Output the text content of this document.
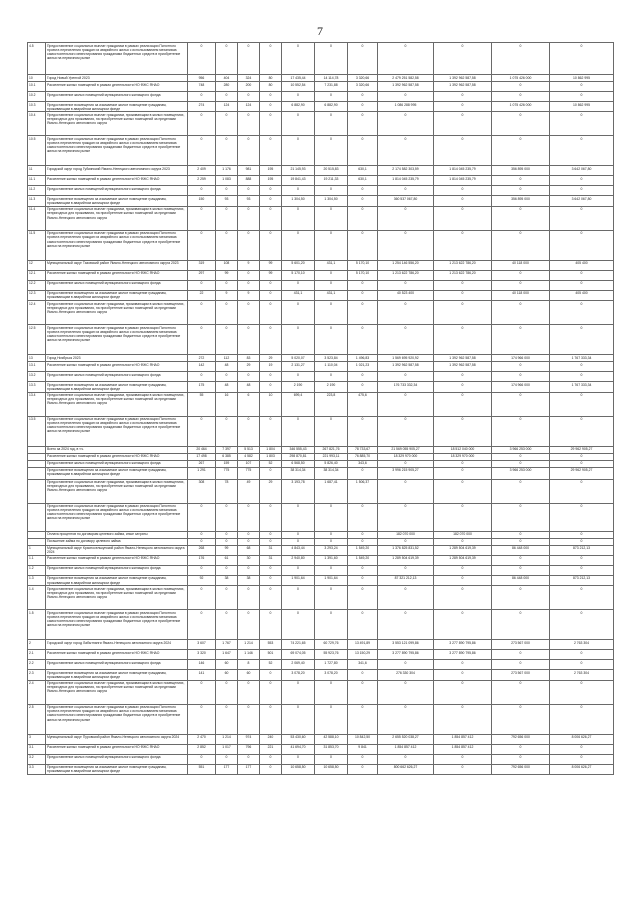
7
4.5	Предоставление социальных выплат гражданам в рамках реализации Пилотного проекта переселения граждан из аварийного жилья с использованием механизма самостоятельного инвестирования гражданами бюджетных средств в приобретение жилья на первичном рынке	0	0	0	0	0	0	0	0	0	0	0	
10	Город Новый Уренгой 2023	956	404	324	80	17 435,44	14 114,78	3 320,66	2 479 251 582,58	1 392 962 587,58	1 075 426 000	10 862 995	
10.1	Расселение жилых помещений в рамках деятельности НО ФЖС ЯНАО	748	280	200	80	10 552,54	7 231,88	3 320,66	1 392 962 587,58	1 392 962 587,58	0	0	
10.2	Предоставление жилых помещений муниципального жилищного фонда	0	0	0	0	0	0	0	0	0	0	0	
10.3	Предоставление возмещения за изымаемое жилое помещение гражданам, проживающим в аварийном жилищном фонде	274	124	124	0	6 882,90	6 882,90	0	1 086 288 995	0	1 075 426 000	10 862 995	
10.4	Предоставление социальных выплат гражданам, проживающим в жилых помещениях, непригодных для проживания, на приобретение жилых помещений за пределами Ямало-Ненецкого автономного округа	0	0	0	0	0	0	0	0	0	0	0	
10.5	Предоставление социальных выплат гражданам в рамках реализации Пилотного проекта переселения граждан из аварийного жилья с использованием механизма самостоятельного инвестирования гражданами бюджетных средств в приобретение жилья на первичном рынке	0	0	0	0	0	0	0	0	0	0	0	
11	Городской округ город Губкинский Ямало-Ненецкого автономного округа 2023	2 409	1 176	981	195	21 145,93	20 515,83	630,1	2 174 582 303,59	1 814 045 235,79	356 895 000	3 642 067,80	
11.1	Расселение жилых помещений в рамках деятельности НО ФЖС ЯНАО	2 259	1 083	888	195	19 841,43	19 211,33	630,1	1 814 045 235,79	1 814 045 235,79	0	0	
11.2	Предоставление жилых помещений муниципального жилищного фонда	0	0	0	0	0	0	0	0	0	0	0	
11.3	Предоставление возмещения за изымаемое жилое помещение гражданам, проживающим в аварийном жилищном фонде	150	93	93	0	1 304,50	1 304,50	0	360 537 067,80	0	356 895 000	3 642 067,80	
11.4	Предоставление социальных выплат гражданам, проживающим в жилых помещениях, непригодных для проживания, на приобретение жилых помещений за пределами Ямало-Ненецкого автономного округа	0	0	0	0	0	0	0	0	0	0	0	
11.5	Предоставление социальных выплат гражданам в рамках реализации Пилотного проекта переселения граждан из аварийного жилья с использованием механизма самостоятельного инвестирования гражданами бюджетных средств в приобретение жилья на первичном рынке	0	0	0	0	0	0	0	0	0	0	0	
12	Муниципальный округ Тазовский район Ямало-Ненецкого автономного округа 2023	319	108	9	99	5 601,20	431,1	5 170,10	1 254 146 556,20	1 213 622 786,20	40 118 000	405 400	
12.1	Расселение жилых помещений в рамках деятельности НО ФЖС ЯНАО	297	99	0	99	5 170,10	0	5 170,10	1 213 622 786,20	1 213 622 786,20	0	0	
12.2	Предоставление жилых помещений муниципального жилищного фонда	0	0	0	0	0	0	0	0	0	0	0	
12.3	Предоставление возмещения за изымаемое жилое помещение гражданам, проживающим в аварийном жилищном фонде	22	9	9	0	431,1	431,1	0	40 523 400	0	40 118 000	405 400	
12.4	Предоставление социальных выплат гражданам, проживающим в жилых помещениях, непригодных для проживания, на приобретение жилых помещений за пределами Ямало-Ненецкого автономного округа	0	0	0	0	0	0	0	0	0	0	0	
12.5	Предоставление социальных выплат гражданам в рамках реализации Пилотного проекта переселения граждан из аварийного жилья с использованием механизма самостоятельного инвестирования гражданами бюджетных средств в приобретение жилья на первичном рынке	0	0	0	0	0	0	0	0	0	0	0	
13	Город Ноябрьск 2023	272	112	83	29	5 020,07	3 523,84	1 496,83	1 569 695 920,92	1 392 962 587,58	174 966 000	1 767 333,34	
13.1	Расселение жилых помещений в рамках деятельности НО ФЖС ЯНАО	142	48	29	19	2 131,27	1 110,04	1 021,23	1 392 962 587,58	1 392 962 587,58	0	0	
13.2	Предоставление жилых помещений муниципального жилищного фонда	0	0	0	0	0	0	0	0	0	0	0	
13.3	Предоставление возмещения за изымаемое жилое помещение гражданам, проживающим в аварийном жилищном фонде	175	48	48	0	2 190	2 190	0	176 733 332,34	0	174 966 000	1 767 333,34	
13.4	Предоставление социальных выплат гражданам, проживающим в жилых помещениях, непригодных для проживания, на приобретение жилых помещений за пределами Ямало-Ненецкого автономного округа	55	16	6	10	699,4	223,8	475,6	0	0	0	0	
13.5	Предоставление социальных выплат гражданам в рамках реализации Пилотного проекта переселения граждан из аварийного жилья с использованием механизма самостоятельного инвестирования гражданами бюджетных средств в приобретение жилья на первичном рынке	0	0	0	0	0	0	0	0	0	0	0	
	Всего за 2024 год, в т.ч.	20 464	7 397	5 513	1 804	346 555,43	267 821,76	78 733,67	21 569 055 905,27	18 512 040 000	3 966 253 000	29 962 905,27	
	Расселение жилых помещений в рамках деятельности НО ФЖС ЯНАО	17 498	6 385	4 582	1 803	298 870,81	221 993,11	76 885,70	18 329 970 000	18 329 970 000	0	0	
	Предоставление жилых помещений муниципального жилищного фонда	267	159	107	52	6 568,50	5 826,40	343,6	0	0	0	0	
	Предоставление возмещения за изымаемое жилое помещение гражданам, проживающим в аварийном жилищном фонде	1 291	775	775	0	38 314,34	38 314,34	0	3 996 215 905,27	0	3 966 253 000	29 962 905,27	
	Предоставление социальных выплат гражданам, проживающим в жилых помещениях, непригодных для проживания, на приобретение жилых помещений за пределами Ямало-Ненецкого автономного округа	308	78	49	29	3 193,78	1 687,41	1 506,37	0	0	0	0	
	Предоставление социальных выплат гражданам в рамках реализации Пилотного проекта переселения граждан из аварийного жилья с использованием механизма самостоятельного инвестирования гражданами бюджетных средств в приобретение жилья на первичном рынке	0	0	0	0	0	0	0	0	0	0	0	
	Оплата процентов по договорам целевого займа, иные затраты	0	0	0	0	0	0	0	182 070 000	182 070 000	0	0	
	Погашение займа по договору целевого займа	0	0	0	0	0	0	0	0	0	0	0	
1	Муниципальный округ Красноселькупский район Ямало-Ненецкого автономного округа 2024	268	99	68	31	4 843,44	3 293,24	1 549,20	1 376 825 831,52	1 289 504 619,39	86 448 000	873 212,13	
1.1	Расселение жилых помещений в рамках деятельности НО ФЖС ЯНАО	176	61	30	31	2 940,80	1 391,60	1 549,20	1 289 504 619,39	1 289 504 619,39	0	0	
1.2	Предоставление жилых помещений муниципального жилищного фонда	0	0	0	0	0	0	0	0	0	0	0	
1.3	Предоставление возмещения за изымаемое жилое помещение гражданам, проживающим в аварийном жилищном фонде	92	38	38	0	1 901,64	1 901,64	0	87 321 212,13	0	86 448 000	873 212,13	
1.4	Предоставление социальных выплат гражданам, проживающим в жилых помещениях, непригодных для проживания, на приобретение жилых помещений за пределами Ямало-Ненецкого автономного округа	0	0	0	0	0	0	0	0	0	0	0	
1.5	Предоставление социальных выплат гражданам в рамках реализации Пилотного проекта переселения граждан из аварийного жилья с использованием механизма самостоятельного инвестирования гражданами бюджетных средств в приобретение жилья на первичном рынке	0	0	0	0	0	0	0	0	0	0	0	
2	Городской округ город Лабытнанги Ямало-Ненецкого автономного округа 2024	3 607	1 767	1 214	553	74 221,65	60 729,76	13 491,89	3 553 121 099,86	3 277 890 795,86	273 567 000	2 763 304	
2.1	Расселение жилых помещений в рамках деятельности НО ФЖС ЯНАО	3 320	1 647	1 146	501	69 074,05	55 923,76	13 150,29	3 277 890 795,86	3 277 890 795,86	0	0	
2.2	Предоставление жилых помещений муниципального жилищного фонда	146	60	8	52	2 069,40	1 727,80	341,6	0	0	0	0	
2.3	Предоставление возмещения за изымаемое жилое помещение гражданам, проживающим в аварийном жилищном фонде	141	60	60	0	3 078,20	3 078,20	0	276 330 304	0	273 567 000	2 763 304	
2.4	Предоставление социальных выплат гражданам, проживающим в жилых помещениях, непригодных для проживания, на приобретение жилых помещений за пределами Ямало-Ненецкого автономного округа	0	0	0	0	0	0	0	0	0	0	0	
2.5	Предоставление социальных выплат гражданам в рамках реализации Пилотного проекта переселения граждан из аварийного жилья с использованием механизма самостоятельного инвестирования гражданами бюджетных средств в приобретение жилья на первичном рынке	0	0	0	0	0	0	0	0	0	0	0	
3	Муниципальный округ Пуровский район Ямало-Ненецкого автономного округа 2024	2 470	1 214	974	240	53 430,60	42 588,10	10 842,50	2 655 520 038,27	1 854 857 412	792 656 000	8 006 626,27	
3.1	Расселение жилых помещений в рамках деятельности НО ФЖС ЯНАО	2 852	1 017	796	221	41 694,70	31 853,70	9 841	1 854 857 412	1 854 857 412	0	0	
3.2	Предоставление жилых помещений муниципального жилищного фонда	0	0	0	0	0	0	0	0	0	0	0	
3.3	Предоставление возмещения за изымаемое жилое помещение гражданам, проживающим в аварийном жилищном фонде	551	177	177	0	10 658,50	10 658,50	0	800 662 626,27	0	792 656 000	8 006 626,27	
